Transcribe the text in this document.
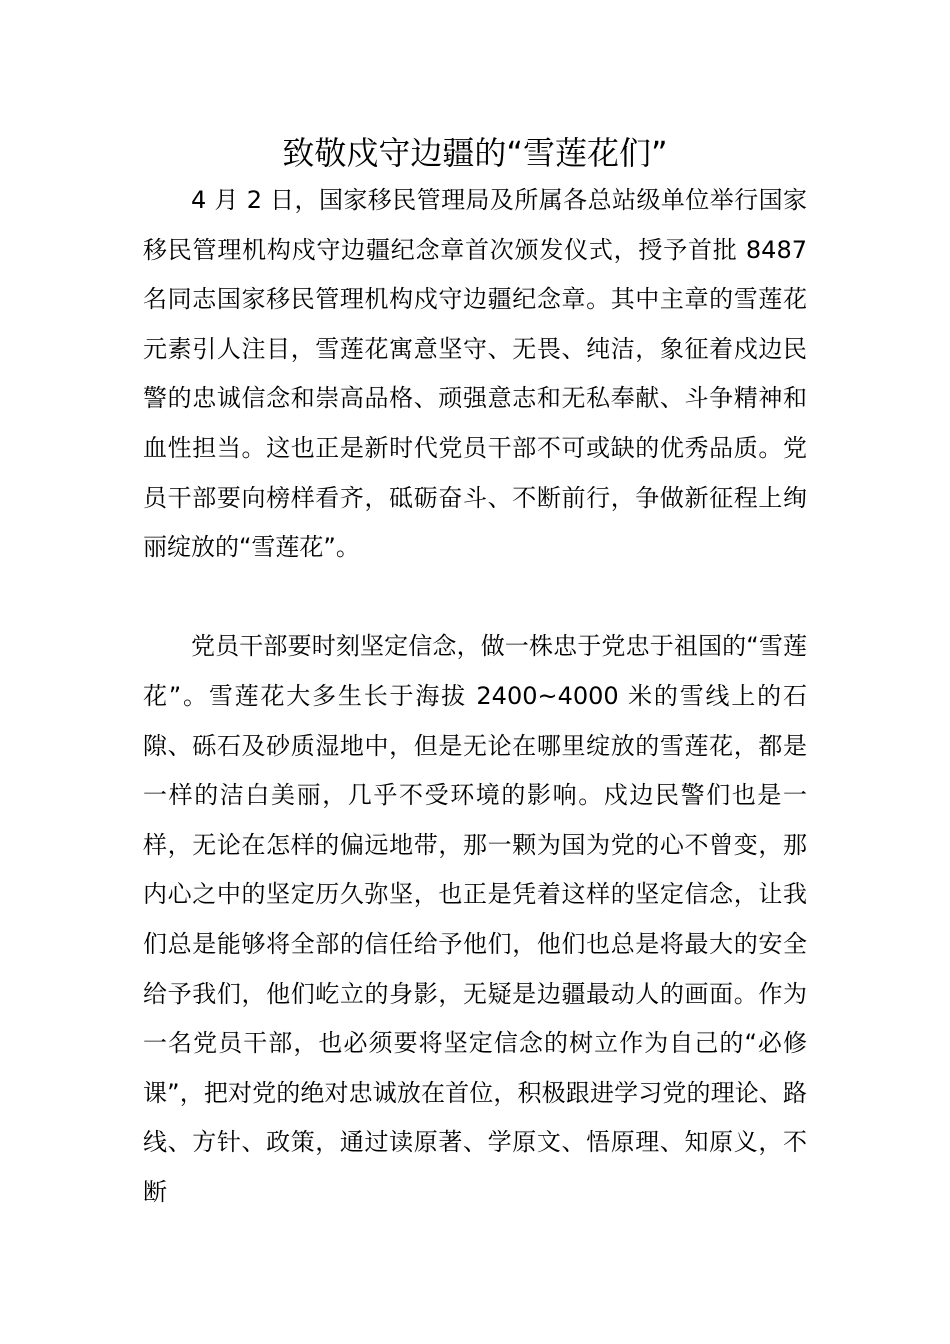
致敬戍守边疆的“雪莲花们”

4 月 2 日，国家移民管理局及所属各总站级单位举行国家移民管理机构戍守边疆纪念章首次颁发仪式，授予首批 8487 名同志国家移民管理机构戍守边疆纪念章。其中主章的雪莲花元素引人注目，雪莲花寓意坚守、无畏、纯洁，象征着戍边民警的忠诚信念和崇高品格、顽强意志和无私奉献、斗争精神和血性担当。这也正是新时代党员干部不可或缺的优秀品质。党员干部要向榜样看齐，砥砺奋斗、不断前行，争做新征程上绚丽绽放的“雪莲花”。

党员干部要时刻坚定信念，做一株忠于党忠于祖国的“雪莲花”。雪莲花大多生长于海拔 2400~4000 米的雪线上的石隙、砾石及砂质湿地中，但是无论在哪里绽放的雪莲花，都是一样的洁白美丽，几乎不受环境的影响。戍边民警们也是一样，无论在怎样的偏远地带，那一颗为国为党的心不曾变，那内心之中的坚定历久弥坚，也正是凭着这样的坚定信念，让我们总是能够将全部的信任给予他们，他们也总是将最大的安全给予我们，他们屹立的身影，无疑是边疆最动人的画面。作为一名党员干部，也必须要将坚定信念的树立作为自己的“必修课”，把对党的绝对忠诚放在首位，积极跟进学习党的理论、路线、方针、政策，通过读原著、学原文、悟原理、知原义，不断
